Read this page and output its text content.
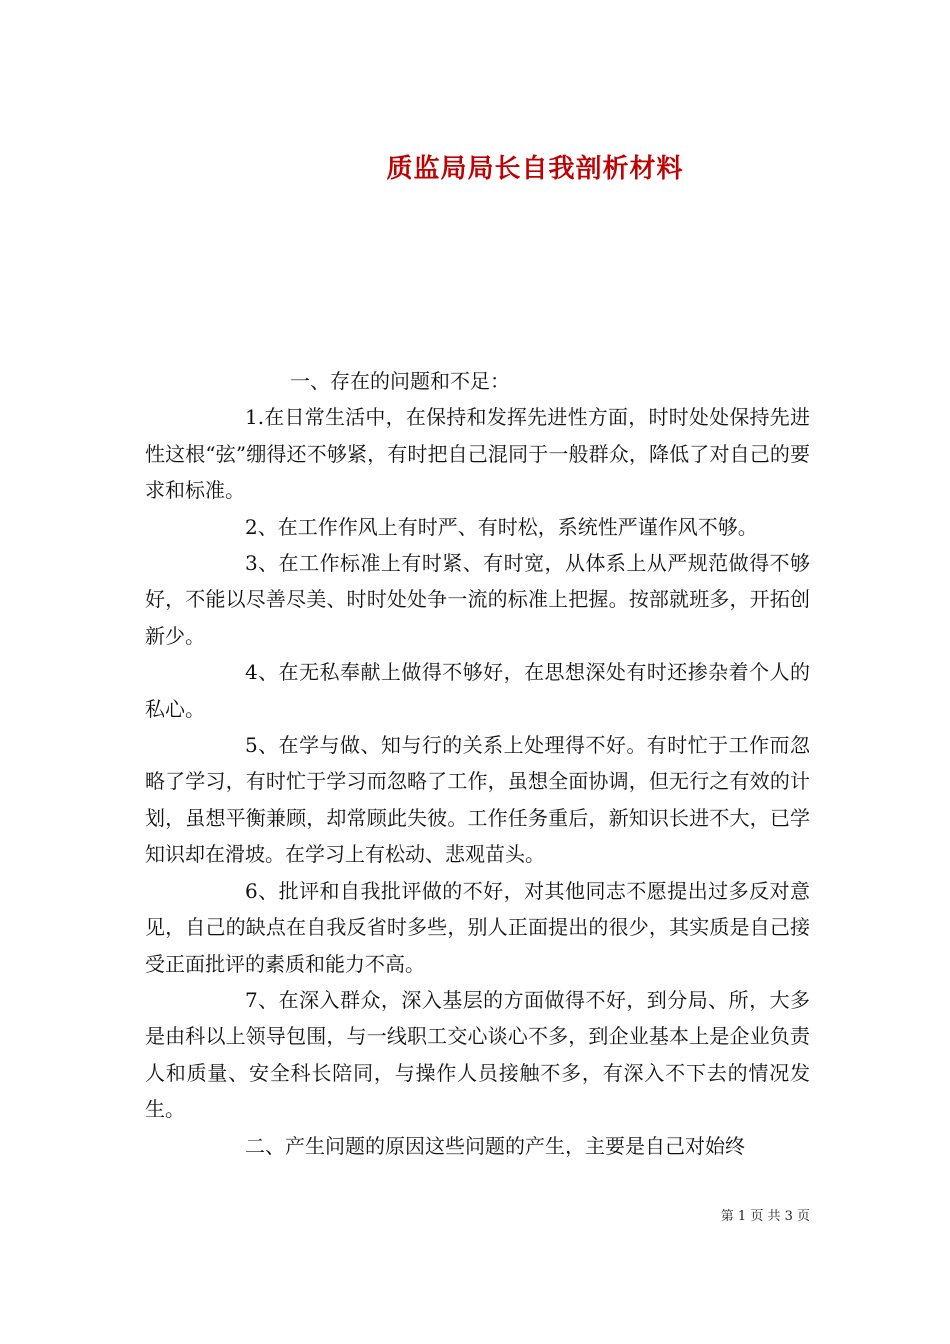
质监局局长自我剖析材料

一、存在的问题和不足：

1.在日常生活中，在保持和发挥先进性方面，时时处处保持先进性这根“弦”绷得还不够紧，有时把自己混同于一般群众，降低了对自己的要求和标准。

2、在工作作风上有时严、有时松，系统性严谨作风不够。

3、在工作标准上有时紧、有时宽，从体系上从严规范做得不够好，不能以尽善尽美、时时处处争一流的标准上把握。按部就班多，开拓创新少。

4、在无私奉献上做得不够好，在思想深处有时还掺杂着个人的私心。

5、在学与做、知与行的关系上处理得不好。有时忙于工作而忽略了学习，有时忙于学习而忽略了工作，虽想全面协调，但无行之有效的计划，虽想平衡兼顾，却常顾此失彼。工作任务重后，新知识长进不大，已学知识却在滑坡。在学习上有松动、悲观苗头。

6、批评和自我批评做的不好，对其他同志不愿提出过多反对意见，自己的缺点在自我反省时多些，别人正面提出的很少，其实质是自己接受正面批评的素质和能力不高。

7、在深入群众，深入基层的方面做得不好，到分局、所，大多是由科以上领导包围，与一线职工交心谈心不多，到企业基本上是企业负责人和质量、安全科长陪同，与操作人员接触不多，有深入不下去的情况发生。

二、产生问题的原因这些问题的产生，主要是自己对始终

第 1 页 共 3 页
